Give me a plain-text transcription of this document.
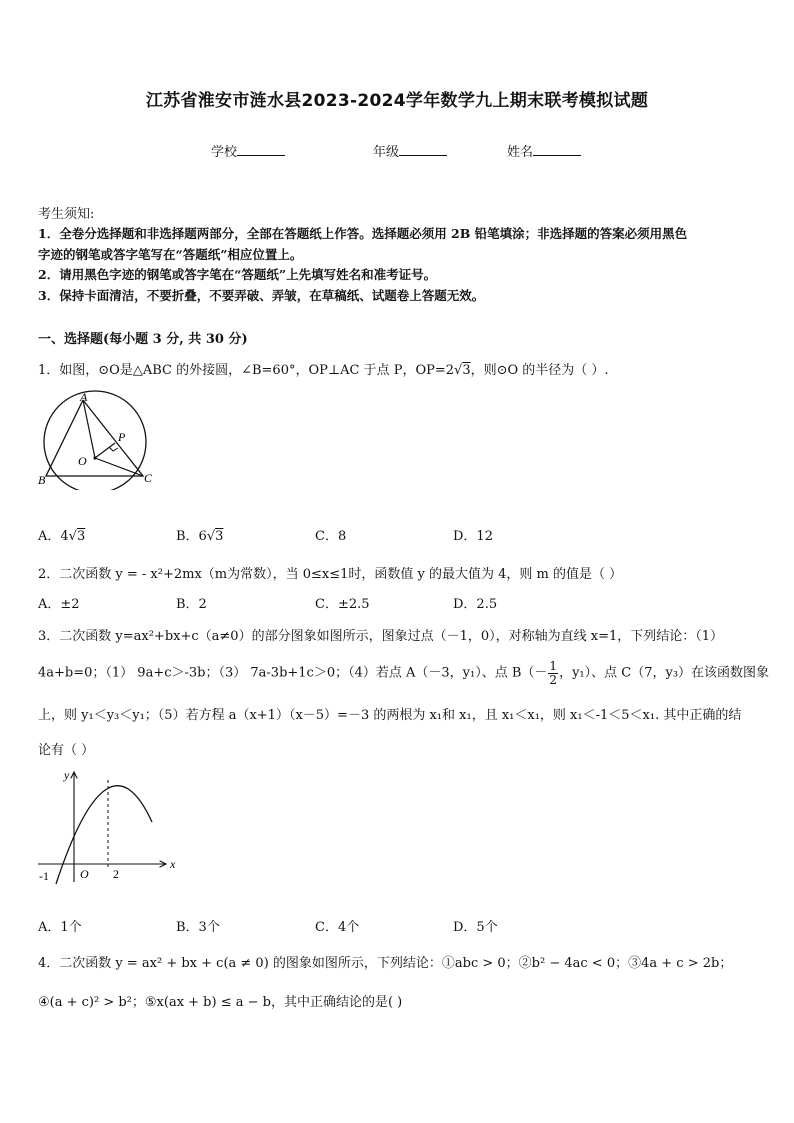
江苏省淮安市涟水县2023-2024学年数学九上期末联考模拟试题
学校	年级	姓名
考生须知:
1．全卷分选择题和非选择题两部分，全部在答题纸上作答。选择题必须用 2B 铅笔填涂；非选择题的答案必须用黑色
字迹的钢笔或答字笔写在“答题纸”相应位置上。
2．请用黑色字迹的钢笔或答字笔在“答题纸”上先填写姓名和准考证号。
3．保持卡面清洁，不要折叠，不要弄破、弄皱，在草稿纸、试题卷上答题无效。
一、选择题(每小题 3 分, 共 30 分)
1．如图，⊙O是△ABC 的外接圆，∠B=60°，OP⊥AC 于点 P，OP=2√3，则⊙O 的半径为（ ）.
A
P
O
B	C
A．4√3	B．6√3	C．8	D．12
2．二次函数 y = - x²+2mx（m为常数），当 0≤x≤1时，函数值 y 的最大值为 4，则 m 的值是（ ）
A．±2	B．2	C．±2.5	D．2.5
3．二次函数 y=ax²+bx+c（a≠0）的部分图象如图所示，图象过点（－1，0），对称轴为直线 x=1，下列结论：（1）
4a+b=0；（1） 9a+c＞-3b；（3） 7a-3b+1c＞0；（4）若点 A（－3，y₁）、点 $B(- \frac{1}{2}$ ，y₁）、点 C（7，y₃）在该函数图象
上，则 y₁＜y₃＜y₁；（5）若方程 a（x+1）（x－5）=－3 的两根为 x₁和 x₁，且 x₁＜x₁，则 x₁＜-1＜5＜x₁. 其中正确的结
论有（ ）
y
x
O
-1	2
A．1个	B．3个	C．4个	D．5个
4．二次函数 y = ax² + bx + c(a ≠ 0) 的图象如图所示，下列结论：①abc > 0；②b² − 4ac < 0；③4a + c > 2b；
④(a + c)² > b²；⑤x(ax + b) ≤ a − b，其中正确结论的是( )
